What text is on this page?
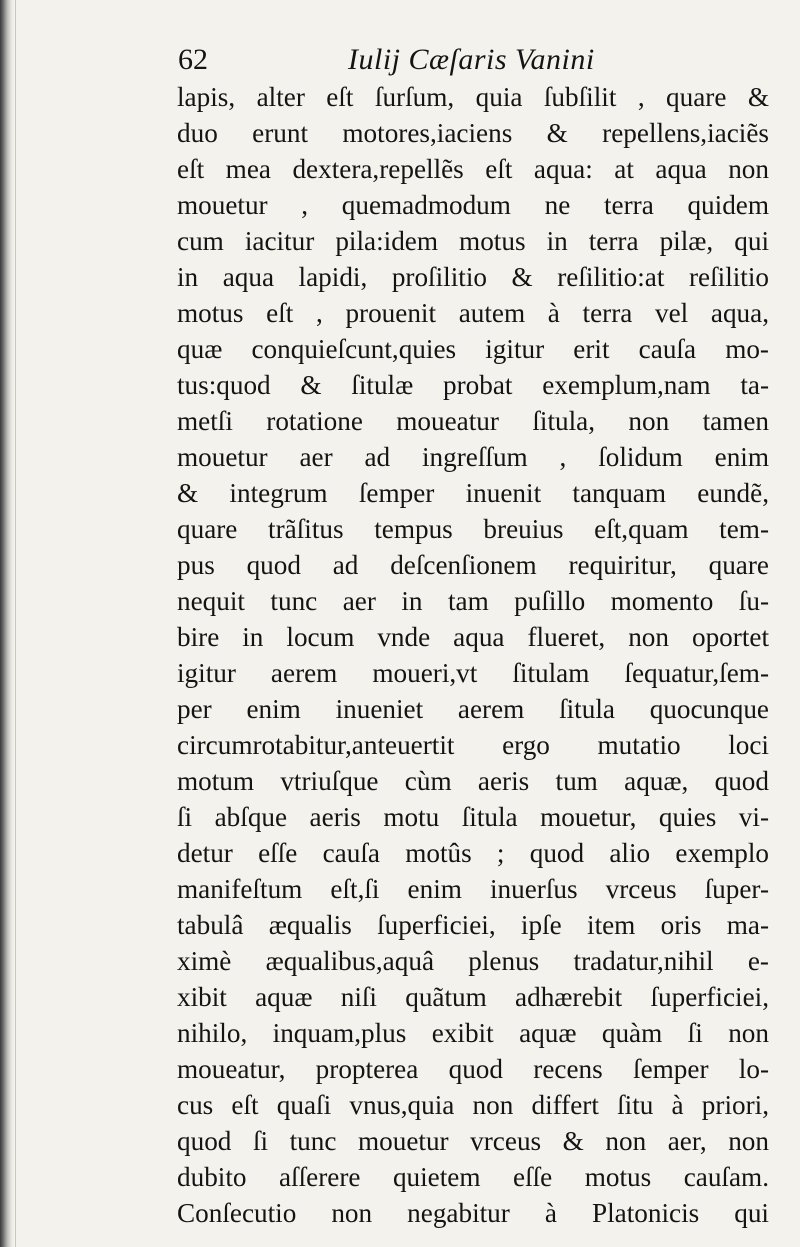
62	Iulij Cæſaris Vanini
lapis, alter eſt ſurſum, quia ſubſilit , quare &
duo erunt motores,iaciens & repellens,iaciẽs
eſt mea dextera,repellẽs eſt aqua: at aqua non
mouetur , quemadmodum ne terra quidem
cum iacitur pila:idem motus in terra pilæ, qui
in aqua lapidi, proſilitio & reſilitio:at reſilitio
motus eſt , prouenit autem à terra vel aqua,
quæ conquieſcunt,quies igitur erit cauſa mo-
tus:quod & ſitulæ probat exemplum,nam ta-
metſi rotatione moueatur ſitula, non tamen
mouetur aer ad ingreſſum , ſolidum enim
& integrum ſemper inuenit tanquam eundẽ,
quare trãſitus tempus breuius eſt,quam tem-
pus quod ad deſcenſionem requiritur, quare
nequit tunc aer in tam puſillo momento ſu-
bire in locum vnde aqua flueret, non oportet
igitur aerem moueri,vt ſitulam ſequatur,ſem-
per enim inueniet aerem ſitula quocunque
circumrotabitur,anteuertit ergo mutatio loci
motum vtriuſque cùm aeris tum aquæ, quod
ſi abſque aeris motu ſitula mouetur, quies vi-
detur eſſe cauſa motûs ; quod alio exemplo
manifeſtum eſt,ſi enim inuerſus vrceus ſuper-
tabulâ æqualis ſuperficiei, ipſe item oris ma-
ximè æqualibus,aquâ plenus tradatur,nihil e-
xibit aquæ niſi quãtum adhærebit ſuperficiei,
nihilo, inquam,plus exibit aquæ quàm ſi non
moueatur, propterea quod recens ſemper lo-
cus eſt quaſi vnus,quia non differt ſitu à priori,
quod ſi tunc mouetur vrceus & non aer, non
dubito aſſerere quietem eſſe motus cauſam.
Conſecutio non negabitur à Platonicis qui
